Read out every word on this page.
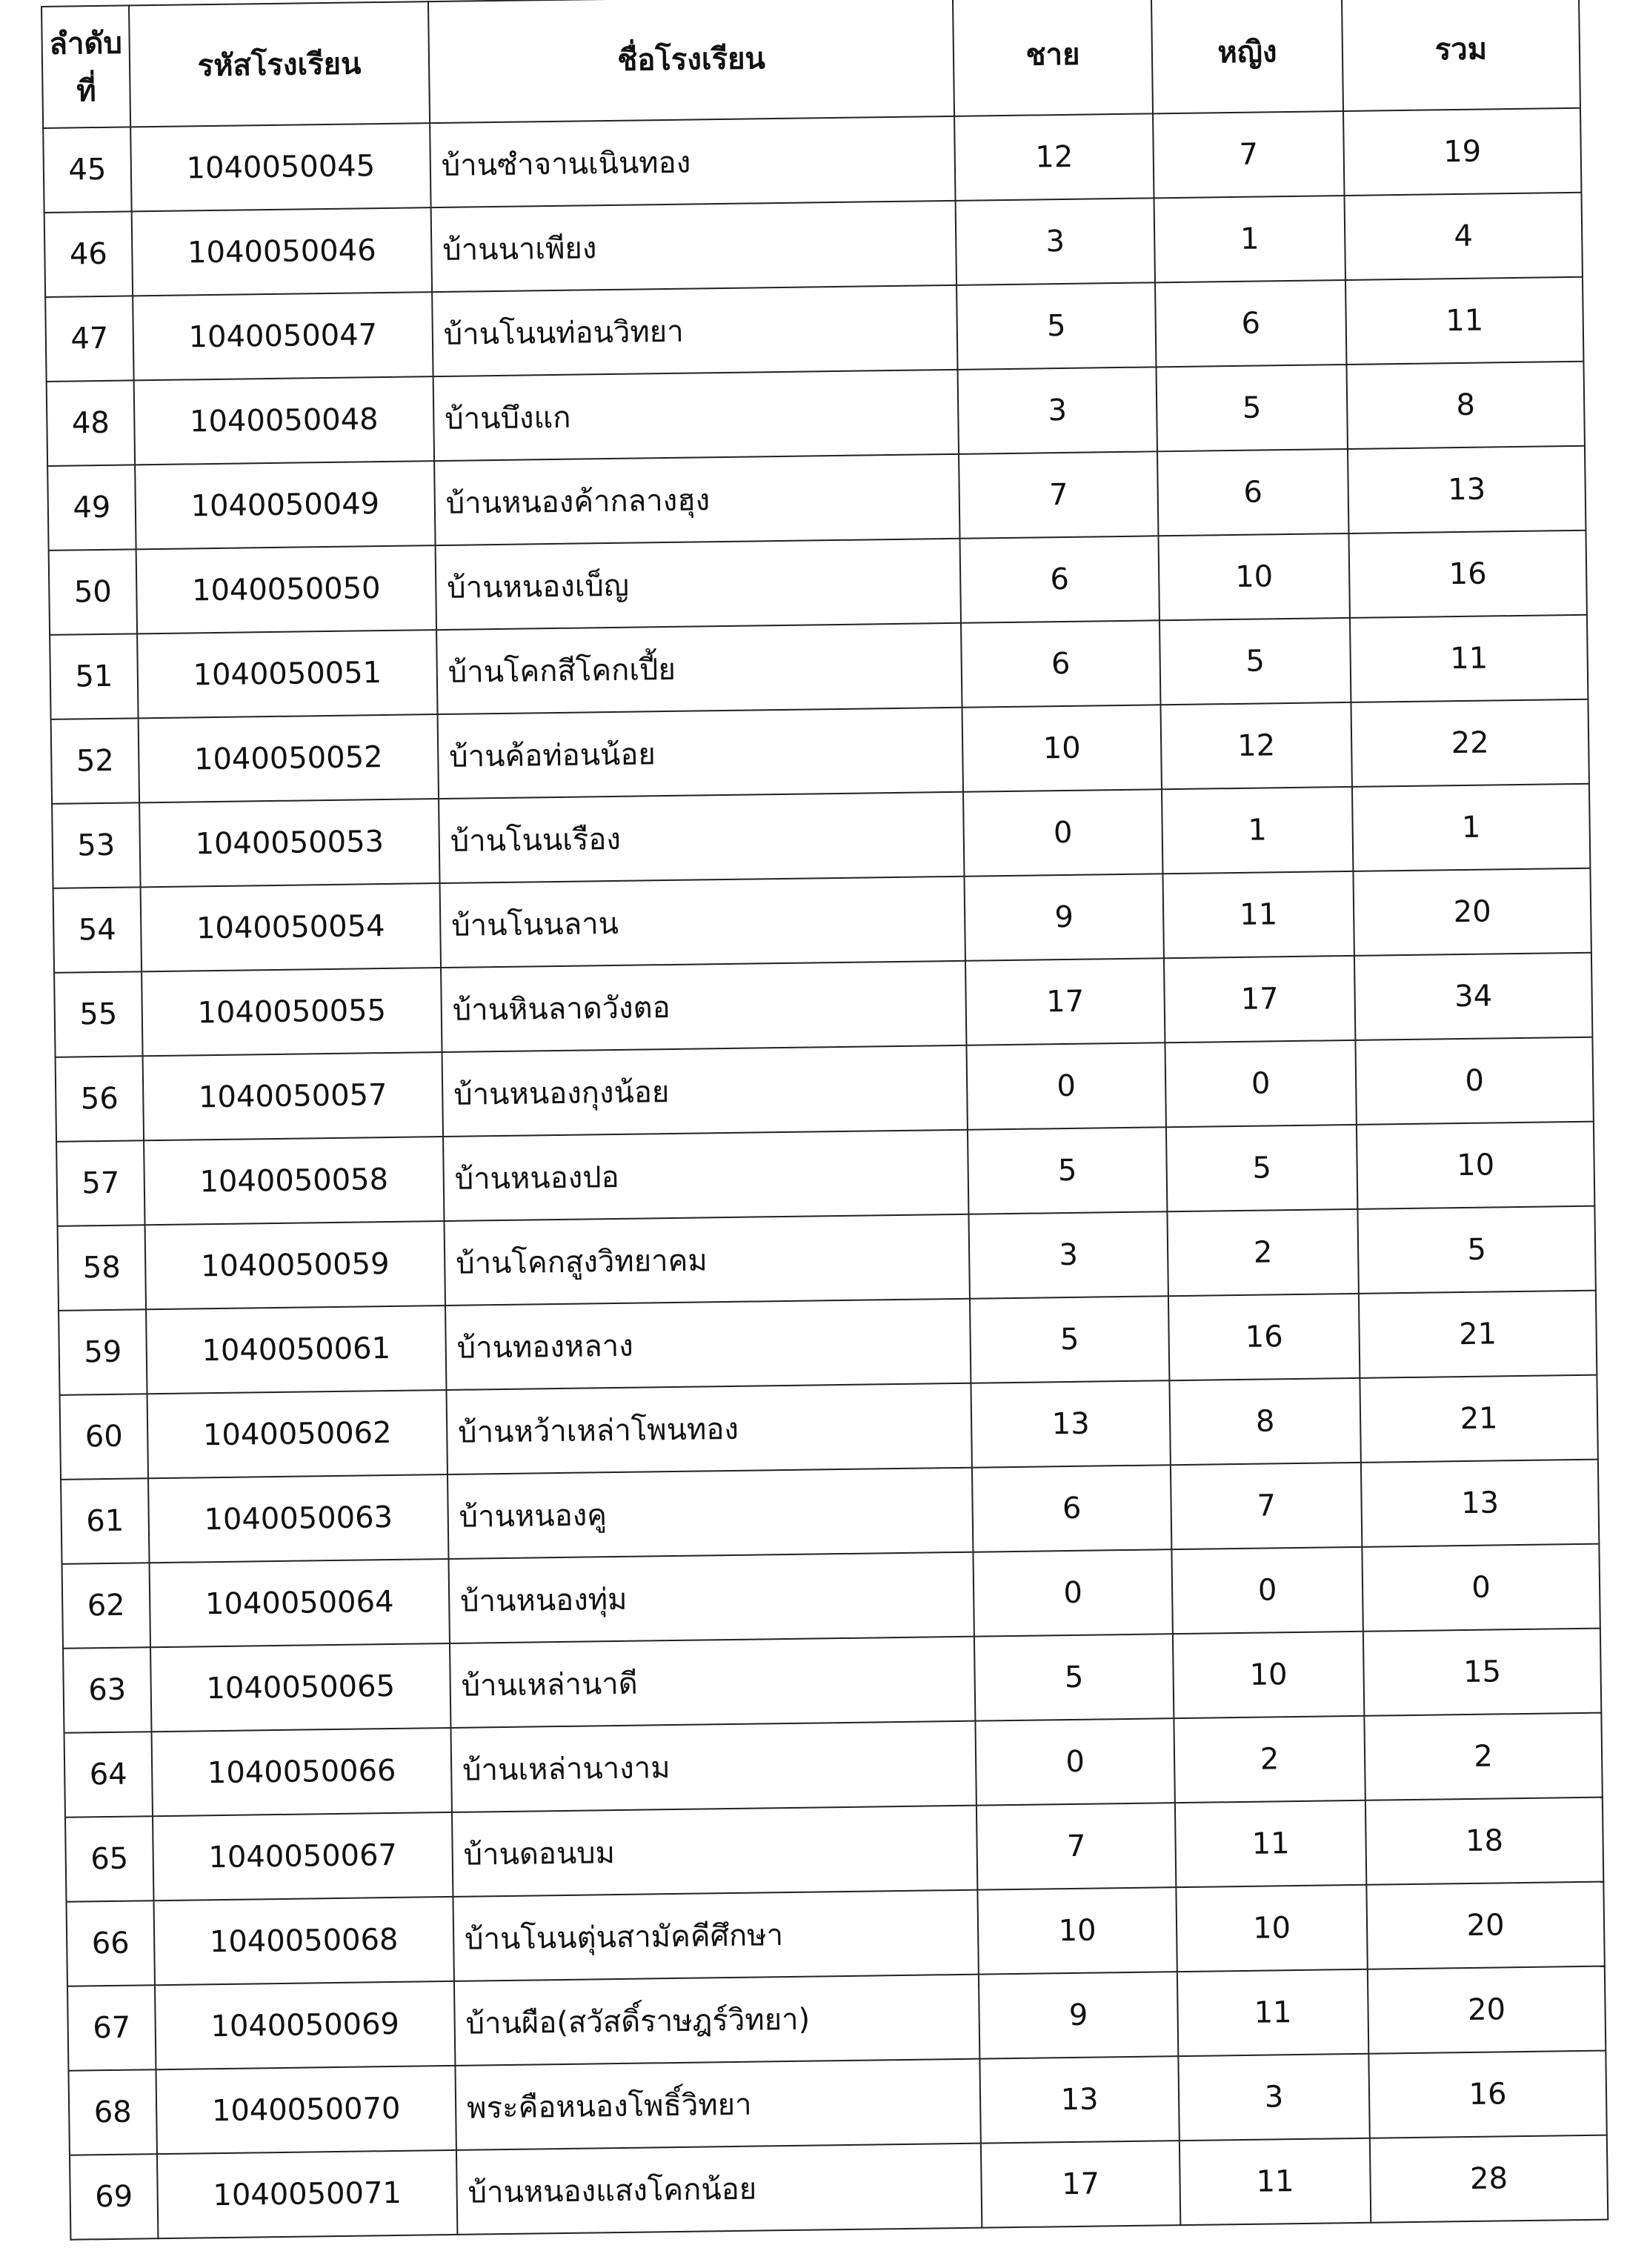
ลำดับที่	รหัสโรงเรียน	ชื่อโรงเรียน	ชาย	หญิง	รวม
45	1040050045	บ้านซำจานเนินทอง	12	7	19
46	1040050046	บ้านนาเพียง	3	1	4
47	1040050047	บ้านโนนท่อนวิทยา	5	6	11
48	1040050048	บ้านบึงแก	3	5	8
49	1040050049	บ้านหนองค้ากลางฮุง	7	6	13
50	1040050050	บ้านหนองเบ็ญ	6	10	16
51	1040050051	บ้านโคกสีโคกเปี้ย	6	5	11
52	1040050052	บ้านค้อท่อนน้อย	10	12	22
53	1040050053	บ้านโนนเรือง	0	1	1
54	1040050054	บ้านโนนลาน	9	11	20
55	1040050055	บ้านหินลาดวังตอ	17	17	34
56	1040050057	บ้านหนองกุงน้อย	0	0	0
57	1040050058	บ้านหนองปอ	5	5	10
58	1040050059	บ้านโคกสูงวิทยาคม	3	2	5
59	1040050061	บ้านทองหลาง	5	16	21
60	1040050062	บ้านหว้าเหล่าโพนทอง	13	8	21
61	1040050063	บ้านหนองคู	6	7	13
62	1040050064	บ้านหนองทุ่ม	0	0	0
63	1040050065	บ้านเหล่านาดี	5	10	15
64	1040050066	บ้านเหล่านางาม	0	2	2
65	1040050067	บ้านดอนบม	7	11	18
66	1040050068	บ้านโนนตุ่นสามัคคีศึกษา	10	10	20
67	1040050069	บ้านผือ(สวัสดิ์ราษฎร์วิทยา)	9	11	20
68	1040050070	พระคือหนองโพธิ์วิทยา	13	3	16
69	1040050071	บ้านหนองแสงโคกน้อย	17	11	28
